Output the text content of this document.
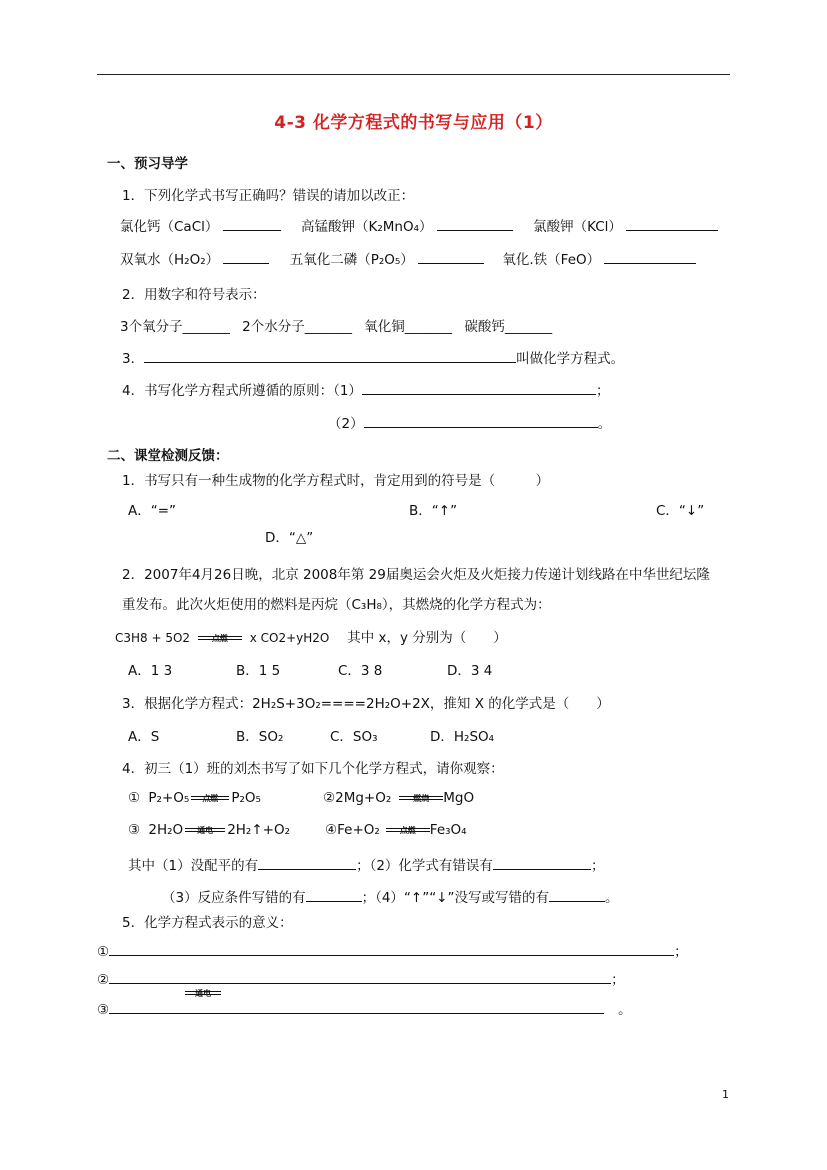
4-3 化学方程式的书写与应用（1）
一、预习导学
1．下列化学式书写正确吗？错误的请加以改正：
氯化钙（CaCl）	高锰酸钾（K₂MnO₄）	氯酸钾（KCl）
双氧水（H₂O₂）	五氧化二磷（P₂O₅）	氧化.铁（FeO）
2．用数字和符号表示：
3个氧分子_______ 2个水分子_______ 氧化铜_______ 碳酸钙_______
3．	叫做化学方程式。
4．书写化学方程式所遵循的原则：（1）	；
（2）	。
二、课堂检测反馈：
1．书写只有一种生成物的化学方程式时，肯定用到的符号是（　　　）
A．“=”	B．“↑”	C．“↓”
D．“△”
2．2007年4月26日晚，北京 2008年第 29届奥运会火炬及火炬接力传递计划线路在中华世纪坛隆
重发布。此次火炬使用的燃料是丙烷（C₃H₈），其燃烧的化学方程式为：
C3H8 + 5O2	点燃	x CO2+yH2O 其中 x，y 分别为（　　）
A．1 3	B．1 5	C．3 8	D．3 4
3．根据化学方程式：2H₂S+3O₂====2H₂O+2X，推知 X 的化学式是（　　）
A．S	B．SO₂	C．SO₃	D．H₂SO₄
4．初三（1）班的刘杰书写了如下几个化学方程式，请你观察：
① P₂+O₅	点燃 P₂O₅	②2Mg+O₂	燃烧	MgO
③ 2H₂O	通电	2H₂↑+O₂	④Fe+O₂	点燃	Fe₃O₄
其中（1）没配平的有	；（2）化学式有错误有	；
（3）反应条件写错的有	；（4）“↑”“↓”没写或写错的有	。
5．化学方程式表示的意义：
①	；
②	；
③
通电
。
1
